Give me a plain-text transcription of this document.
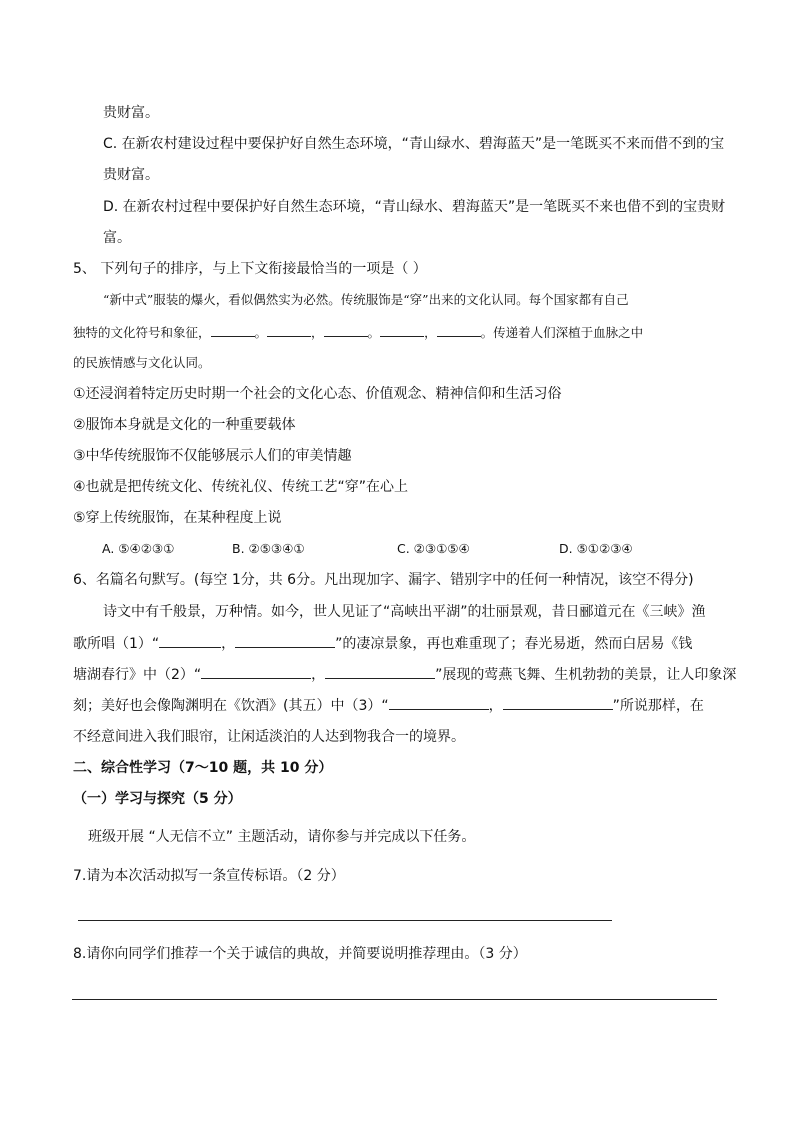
贵财富。
C. 在新农村建设过程中要保护好自然生态环境，“青山绿水、碧海蓝天”是一笔既买不来而借不到的宝
贵财富。
D. 在新农村过程中要保护好自然生态环境，“青山绿水、碧海蓝天”是一笔既买不来也借不到的宝贵财
富。
5、 下列句子的排序，与上下文衔接最恰当的一项是（ ）
“新中式”服装的爆火，看似偶然实为必然。传统服饰是“穿”出来的文化认同。每个国家都有自己
独特的文化符号和象征，	。	，	。	，	。传递着人们深植于血脉之中
的民族情感与文化认同。
①还浸润着特定历史时期一个社会的文化心态、价值观念、精神信仰和生活习俗
②服饰本身就是文化的一种重要载体
③中华传统服饰不仅能够展示人们的审美情趣
④也就是把传统文化、传统礼仪、传统工艺“穿”在心上
⑤穿上传统服饰，在某种程度上说
A. ⑤④②③①	B. ②⑤③④①	C. ②③①⑤④	D. ⑤①②③④
6、名篇名句默写。(每空 1分，共 6分。凡出现加字、漏字、错别字中的任何一种情况，该空不得分)
诗文中有千般景，万种情。如今，世人见证了“高峡出平湖”的壮丽景观，昔日郦道元在《三峡》渔
歌所唱（1）“	，	”的凄凉景象，再也难重现了；春光易逝，然而白居易《钱
塘湖春行》中（2）“	，	”展现的莺燕飞舞、生机勃勃的美景，让人印象深
刻；美好也会像陶渊明在《饮酒》(其五）中（3）“	，	”所说那样，在
不经意间进入我们眼帘，让闲适淡泊的人达到物我合一的境界。
二、综合性学习（7～10 题，共 10 分）
（一）学习与探究（5 分）
班级开展 “人无信不立” 主题活动，请你参与并完成以下任务。
7.请为本次活动拟写一条宣传标语。（2 分）
8.请你向同学们推荐一个关于诚信的典故，并简要说明推荐理由。（3 分）
